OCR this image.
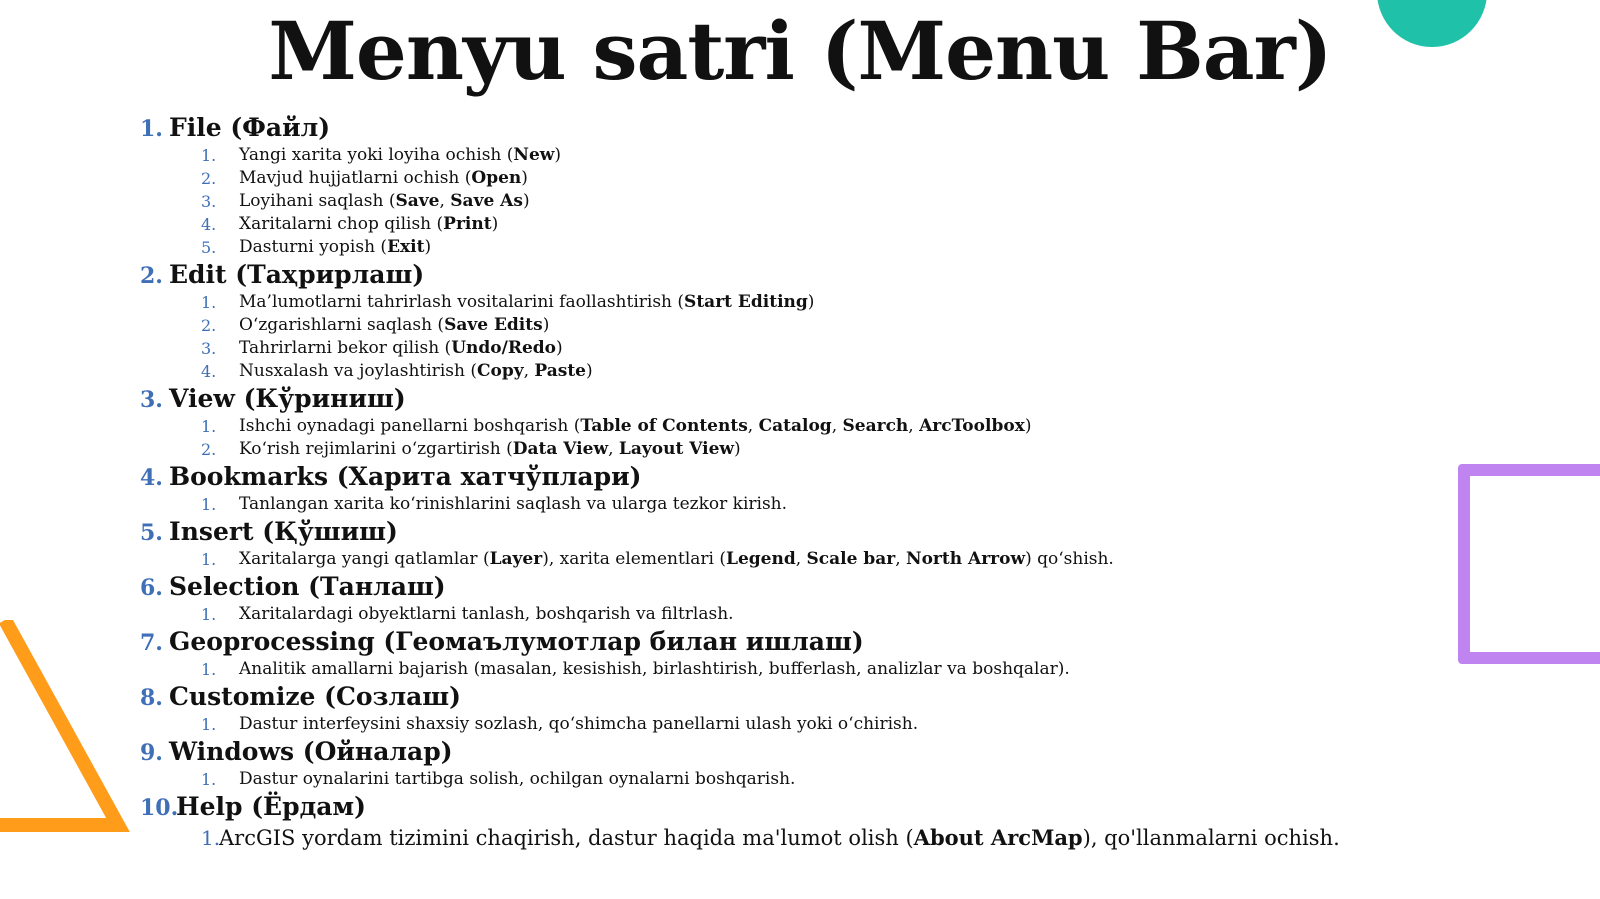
Menyu satri (Menu Bar)
1. File (Файл)
1. Yangi xarita yoki loyiha ochish (New)
2. Mavjud hujjatlarni ochish (Open)
3. Loyihani saqlash (Save, Save As)
4. Xaritalarni chop qilish (Print)
5. Dasturni yopish (Exit)
2. Edit (Таҳрирлаш)
1. Ma’lumotlarni tahrirlash vositalarini faollashtirish (Start Editing)
2. O‘zgarishlarni saqlash (Save Edits)
3. Tahrirlarni bekor qilish (Undo/Redo)
4. Nusxalash va joylashtirish (Copy, Paste)
3. View (Кўриниш)
1. Ishchi oynadagi panellarni boshqarish (Table of Contents, Catalog, Search, ArcToolbox)
2. Ko‘rish rejimlarini o‘zgartirish (Data View, Layout View)
4. Bookmarks (Харита хатчўплари)
1. Tanlangan xarita ko‘rinishlarini saqlash va ularga tezkor kirish.
5. Insert (Қўшиш)
1. Xaritalarga yangi qatlamlar (Layer), xarita elementlari (Legend, Scale bar, North Arrow) qo‘shish.
6. Selection (Танлаш)
1. Xaritalardagi obyektlarni tanlash, boshqarish va filtrlash.
7. Geoprocessing (Геомаълумотлар билан ишлаш)
1. Analitik amallarni bajarish (masalan, kesishish, birlashtirish, bufferlash, analizlar va boshqalar).
8. Customize (Созлаш)
1. Dastur interfeysini shaxsiy sozlash, qo‘shimcha panellarni ulash yoki o‘chirish.
9. Windows (Ойналар)
1. Dastur oynalarini tartibga solish, ochilgan oynalarni boshqarish.
10.Help (Ёрдам)
1.
ArcGIS yordam tizimini chaqirish, dastur haqida ma'lumot olish (About ArcMap), qo'llanmalarni ochish.
